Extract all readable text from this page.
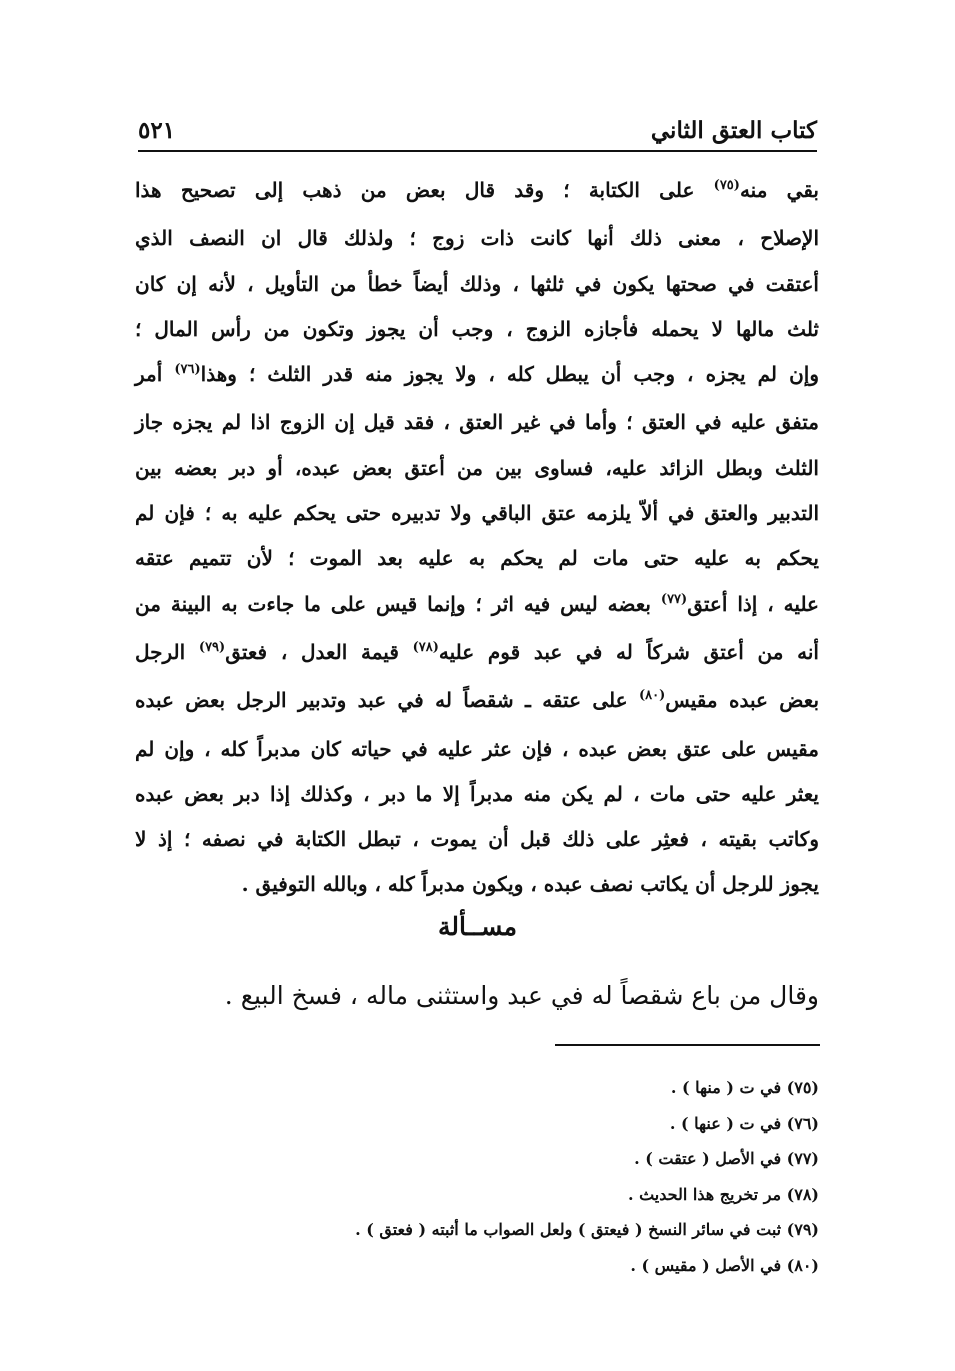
كتاب العتق الثاني
٥٢١
بقي منه$^{(٧٥)}$ على الكتابة ؛ وقد قال بعض من ذهب إلى تصحيح هذا
الإصلاح ، معنى ذلك أنها كانت ذات زوج ؛ ولذلك قال ان النصف الذي
أعتقت في صحتها يكون في ثلثها ، وذلك أيضاً خطأ من التأويل ، لأنه إن كان
ثلث مالها لا يحمله فأجازه الزوج ، وجب أن يجوز وتكون من رأس المال ؛
وإن لم يجزه ، وجب أن يبطل كله ، ولا يجوز منه قدر الثلث ؛ وهذا$^{(٧٦)}$ أمر
متفق عليه في العتق ؛ وأما في غير العتق ، فقد قيل إن الزوج اذا لم يجزه جاز
الثلث وبطل الزائد عليه، فساوى بين من أعتق بعض عبده، أو دبر بعضه بين
التدبير والعتق في ألاّ يلزمه عتق الباقي ولا تدبيره حتى يحكم عليه به ؛ فإن لم
يحكم به عليه حتى مات لم يحكم به عليه بعد الموت ؛ لأن تتميم عتقه
عليه ، إذا أعتق$^{(٧٧)}$ بعضه ليس فيه اثر ؛ وإنما قيس على ما جاءت به البينة من
أنه من أعتق شركاً له في عبد قوم عليه$^{(٧٨)}$ قيمة العدل ، فعتق$^{(٧٩)}$ الرجل
بعض عبده مقيس$^{(٨٠)}$ على عتقه ـ شقصاً له في عبد وتدبير الرجل بعض عبده
مقيس على عتق بعض عبده ، فإن عثر عليه في حياته كان مدبراً كله ، وإن لم
يعثر عليه حتى مات ، لم يكن منه مدبراً إلا ما دبر ، وكذلك إذا دبر بعض عبده
وكاتب بقيته ، فعثِر على ذلك قبل أن يموت ، تبطل الكتابة في نصفه ؛ إذ لا
يجوز للرجل أن يكاتب نصف عبده ، ويكون مدبراً كله ، وبالله التوفيق .
مســألة
وقال من باع شقصاً له في عبد واستثنى ماله ، فسخ البيع .
(٧٥) في ت ( منها ) .
(٧٦) في ت ( عنها ) .
(٧٧) في الأصل ( عتقت ) .
(٧٨) مر تخريج هذا الحديث .
(٧٩) ثبت في سائر النسخ ( فيعتق ) ولعل الصواب ما أثبته ( فعتق ) .
(٨٠) في الأصل ( مقيس ) .
